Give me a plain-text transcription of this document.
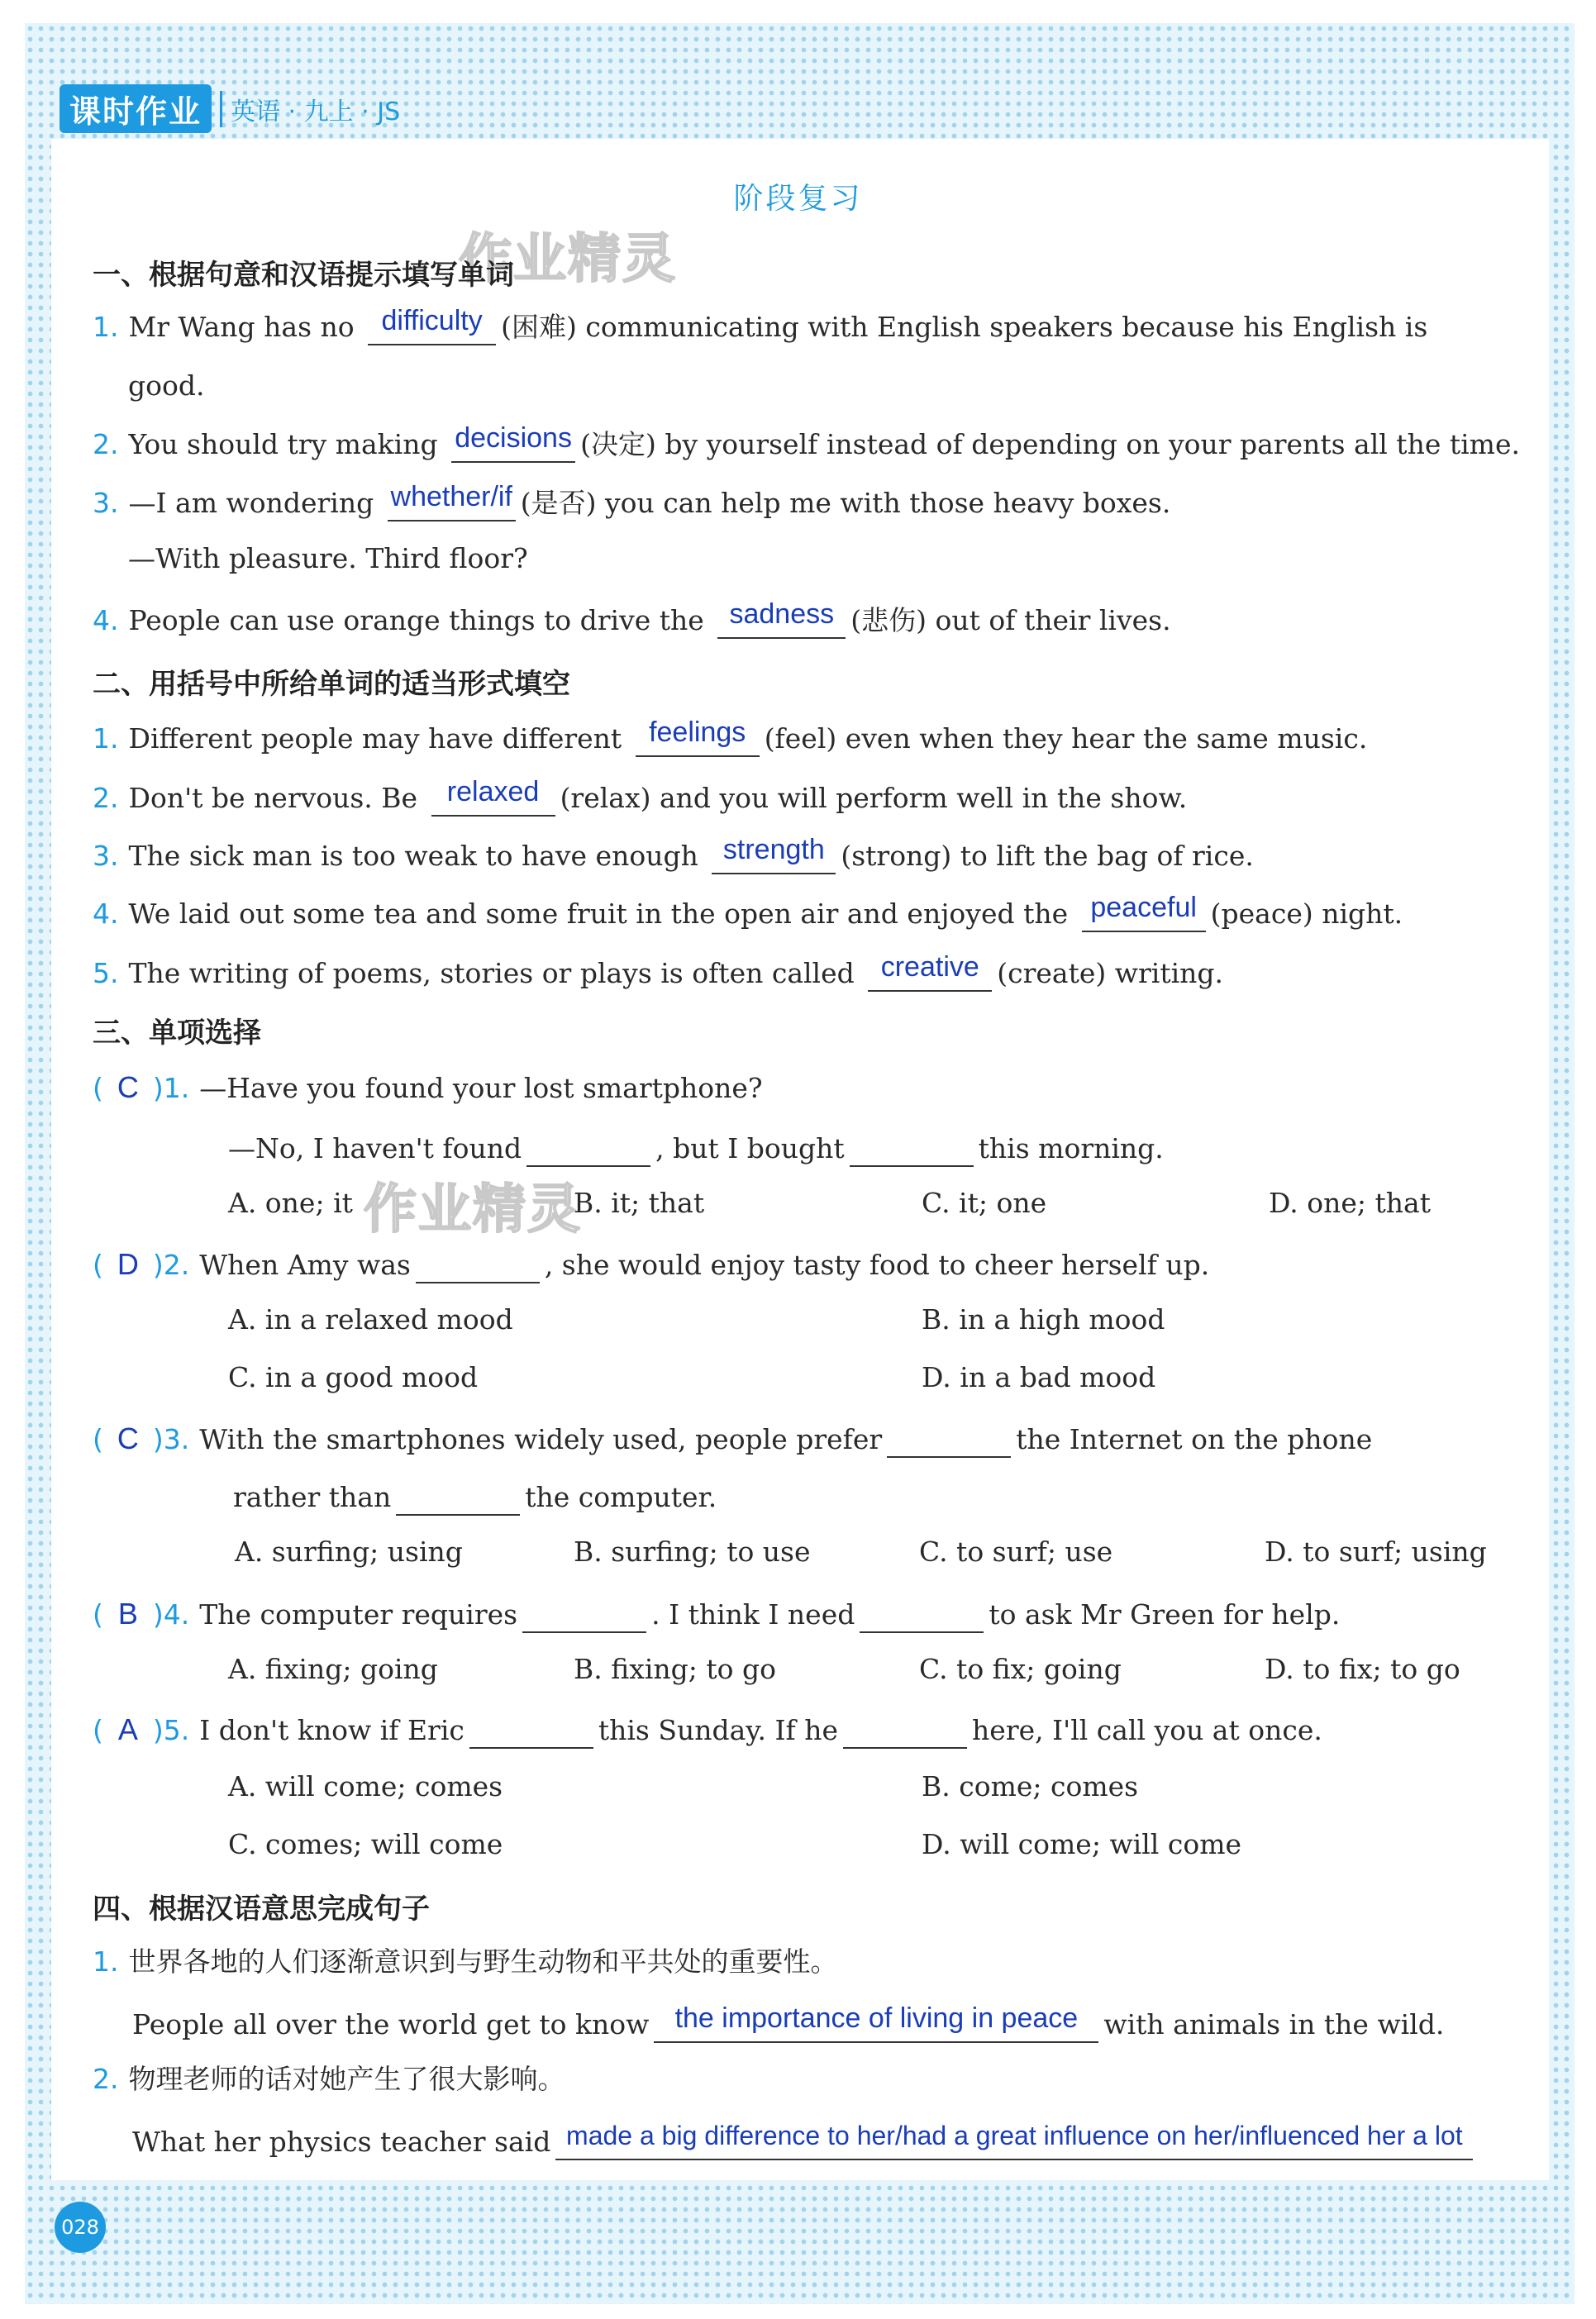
课时作业	英语 · 九上 · JS
阶段复习
作业精灵
作业精灵
一、根据句意和汉语提示填写单词
1. Mr Wang has no difficulty (困难) communicating with English speakers because his English is
good.
2. You should try making decisions (决定) by yourself instead of depending on your parents all the time.
3. —I am wondering whether/if (是否) you can help me with those heavy boxes.
—With pleasure. Third floor?
4. People can use orange things to drive the sadness (悲伤) out of their lives.
二、用括号中所给单词的适当形式填空
1. Different people may have different feelings (feel) even when they hear the same music.
2. Don't be nervous. Be	relaxed (relax) and you will perform well in the show.
3. The sick man is too weak to have enough strength (strong) to lift the bag of rice.
4. We laid out some tea and some fruit in the open air and enjoyed the peaceful (peace) night.
5. The writing of poems, stories or plays is often called creative (create) writing.
三、单项选择
( C )1. —Have you found your lost smartphone?
—No, I haven't found	, but I bought	this morning.
A. one; it	B. it; that	C. it; one	D. one; that
( D )2. When Amy was	, she would enjoy tasty food to cheer herself up.
A. in a relaxed mood	B. in a high mood
C. in a good mood	D. in a bad mood
( C )3. With the smartphones widely used, people prefer	the Internet on the phone
rather than	the computer.
A. surfing; using	B. surfing; to use	C. to surf; use	D. to surf; using
( B )4. The computer requires	. I think I need	to ask Mr Green for help.
A. fixing; going	B. fixing; to go	C. to fix; going	D. to fix; to go
( A )5. I don't know if Eric	this Sunday. If he	here, I'll call you at once.
A. will come; comes	B. come; comes
C. comes; will come	D. will come; will come
四、根据汉语意思完成句子
1. 世界各地的人们逐渐意识到与野生动物和平共处的重要性。
People all over the world get to know the importance of living in peace with animals in the wild.
2. 物理老师的话对她产生了很大影响。
What her physics teacher said made a big difference to her/had a great influence on her/influenced her a lot
028
